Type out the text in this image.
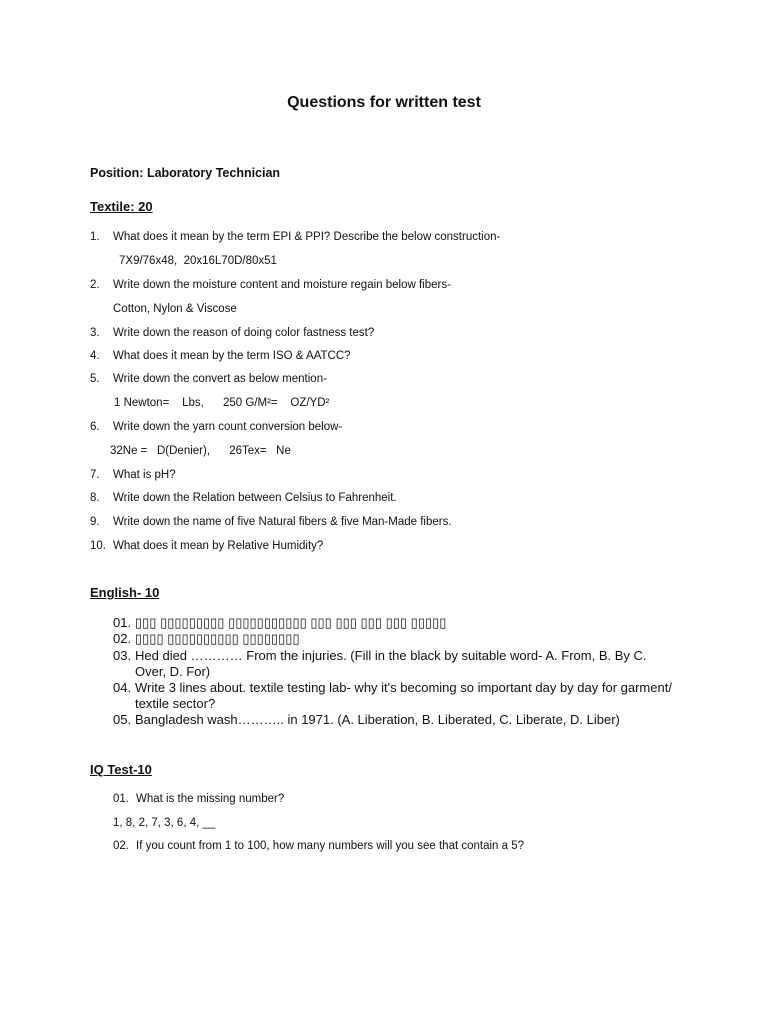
Questions for written test
Position: Laboratory Technician
Textile: 20
1. What does it mean by the term EPI & PPI? Describe the below construction-
7X9/76x48,  20x16L70D/80x51
2. Write down the moisture content and moisture regain below fibers-
Cotton, Nylon & Viscose
3. Write down the reason of doing color fastness test?
4. What does it mean by the term ISO & AATCC?
5. Write down the convert as below mention-
1 Newton=    Lbs,      250 G/M²=    OZ/YD²
6. Write down the yarn count conversion below-
32Ne =   D(Denier),      26Tex=   Ne
7. What is pH?
8. Write down the Relation between Celsius to Fahrenheit.
9. Write down the name of five Natural fibers & five Man-Made fibers.
10. What does it mean by Relative Humidity?
English- 10
01. ▯▯▯ ▯▯▯▯▯▯▯▯▯ ▯▯▯▯▯▯▯▯▯▯▯ ▯▯▯ ▯▯▯ ▯▯▯ ▯▯▯ ▯▯▯▯▯
02. ▯▯▯▯ ▯▯▯▯▯▯▯▯▯▯ ▯▯▯▯▯▯▯▯
03. Hed died ………… From the injuries. (Fill in the black by suitable word- A. From, B. By C. Over, D. For)
04. Write 3 lines about. textile testing lab- why it's becoming so important day by day for garment/ textile sector?
05. Bangladesh wash……….. in 1971. (A. Liberation, B. Liberated, C. Liberate, D. Liber)
IQ Test-10
01. What is the missing number?
1, 8, 2, 7, 3, 6, 4, __
02. If you count from 1 to 100, how many numbers will you see that contain a 5?
